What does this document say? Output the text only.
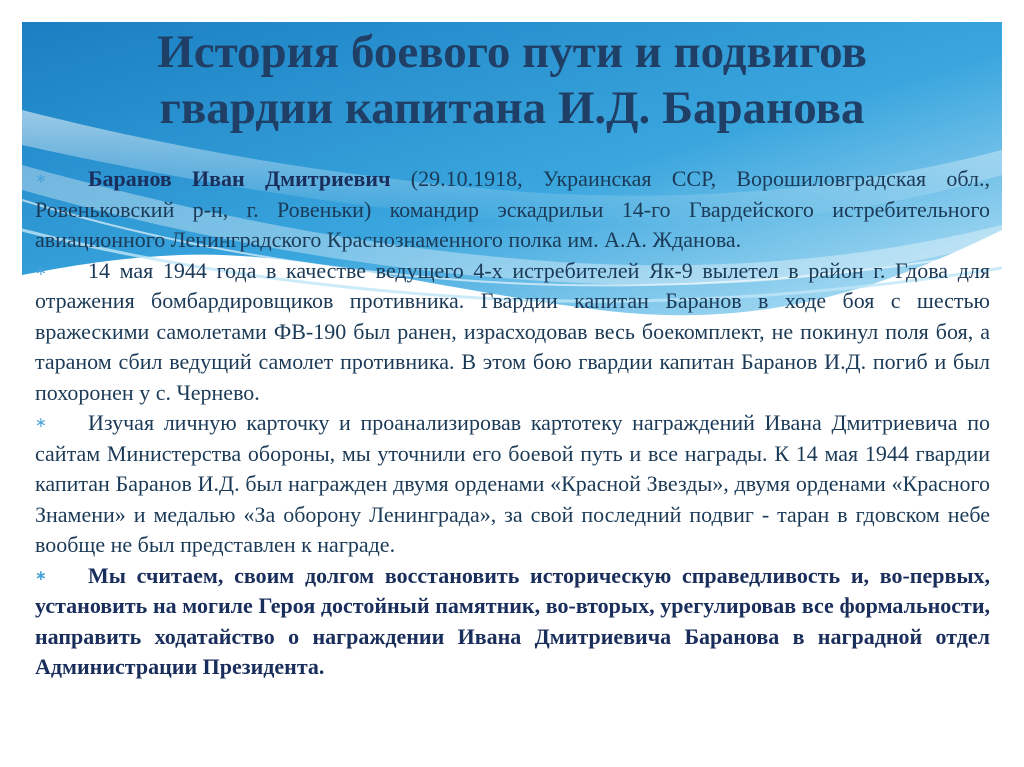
История боевого пути и подвигов
гвардии капитана И.Д. Баранова
∗ Баранов Иван Дмитриевич (29.10.1918, Украинская ССР, Ворошиловградская обл., Ровеньковский р-н, г. Ровеньки) командир эскадрильи 14-го Гвардейского истребительного авиационного Ленинградского Краснознаменного полка им. А.А. Жданова.
∗ 14 мая 1944 года в качестве ведущего 4-х истребителей Як-9 вылетел в район г. Гдова для отражения бомбардировщиков противника. Гвардии капитан Баранов в ходе боя с шестью вражескими самолетами ФВ-190 был ранен, израсходовав весь боекомплект, не покинул поля боя, а тараном сбил ведущий самолет противника. В этом бою гвардии капитан Баранов И.Д. погиб и был похоронен у с. Чернево.
∗ Изучая личную карточку и проанализировав картотеку награждений Ивана Дмитриевича по сайтам Министерства обороны, мы уточнили его боевой путь и все награды. К 14 мая 1944 гвардии капитан Баранов И.Д. был награжден двумя орденами «Красной Звезды», двумя орденами «Красного Знамени» и медалью «За оборону Ленинграда», за свой последний подвиг - таран в гдовском небе вообще не был представлен к награде.
∗ Мы считаем, своим долгом восстановить историческую справедливость и, во-первых, установить на могиле Героя достойный памятник, во-вторых, урегулировав все формальности, направить ходатайство о награждении Ивана Дмитриевича Баранова в наградной отдел Администрации Президента.
